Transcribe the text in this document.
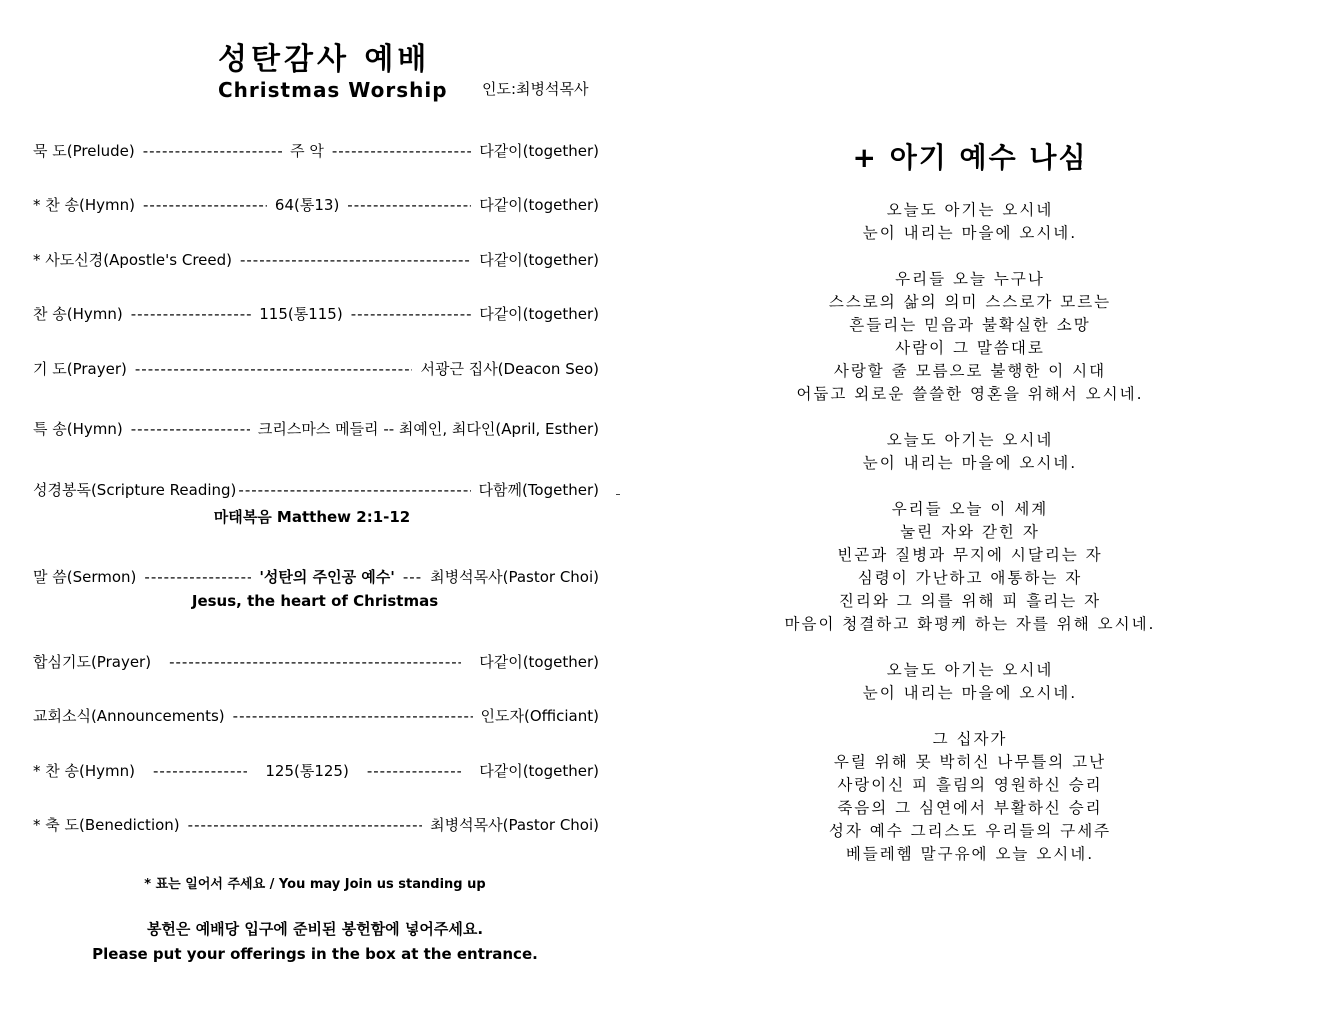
성탄감사 예배
Christmas Worship 인도:최병석목사
묵 도(Prelude) -----	주 악 -----	다같이(together)
* 찬 송(Hymn) -----	64(통13) -----	다같이(together)
* 사도신경(Apostle's Creed) -----	다같이(together)
찬 송(Hymn) -----	115(통115) -----	다같이(together)
기 도(Prayer) -----	서광근 집사(Deacon Seo)
특 송(Hymn) -----	크리스마스 메들리 -- 최예인, 최다인(April, Esther)
성경봉독(Scripture Reading) -----	다함께(Together)
마태복음 Matthew 2:1-12
말 씀(Sermon) -----	'성탄의 주인공 예수' --- 최병석목사(Pastor Choi)
Jesus, the heart of Christmas
합심기도(Prayer) -----	다같이(together)
교회소식(Announcements) -----	인도자(Officiant)
* 찬 송(Hymn) -----	125(통125) -----	다같이(together)
* 축 도(Benediction) -----	최병석목사(Pastor Choi)
* 표는 일어서 주세요 / You may Join us standing up
봉헌은 예배당 입구에 준비된 봉헌함에 넣어주세요.
Please put your offerings in the box at the entrance.
+ 아기 예수 나심
오늘도 아기는 오시네
눈이 내리는 마을에 오시네.
우리들 오늘 누구나
스스로의 삶의 의미 스스로가 모르는
흔들리는 믿음과 불확실한 소망
사람이 그 말씀대로
사랑할 줄 모름으로 불행한 이 시대
어둡고 외로운 쓸쓸한 영혼을 위해서 오시네.
오늘도 아기는 오시네
눈이 내리는 마을에 오시네.
우리들 오늘 이 세계
눌린 자와 갇힌 자
빈곤과 질병과 무지에 시달리는 자
심령이 가난하고 애통하는 자
진리와 그 의를 위해 피 흘리는 자
마음이 청결하고 화평케 하는 자를 위해 오시네.
오늘도 아기는 오시네
눈이 내리는 마을에 오시네.
그 십자가
우릴 위해 못 박히신 나무틀의 고난
사랑이신 피 흘림의 영원하신 승리
죽음의 그 심연에서 부활하신 승리
성자 예수 그리스도 우리들의 구세주
베들레헴 말구유에 오늘 오시네.
